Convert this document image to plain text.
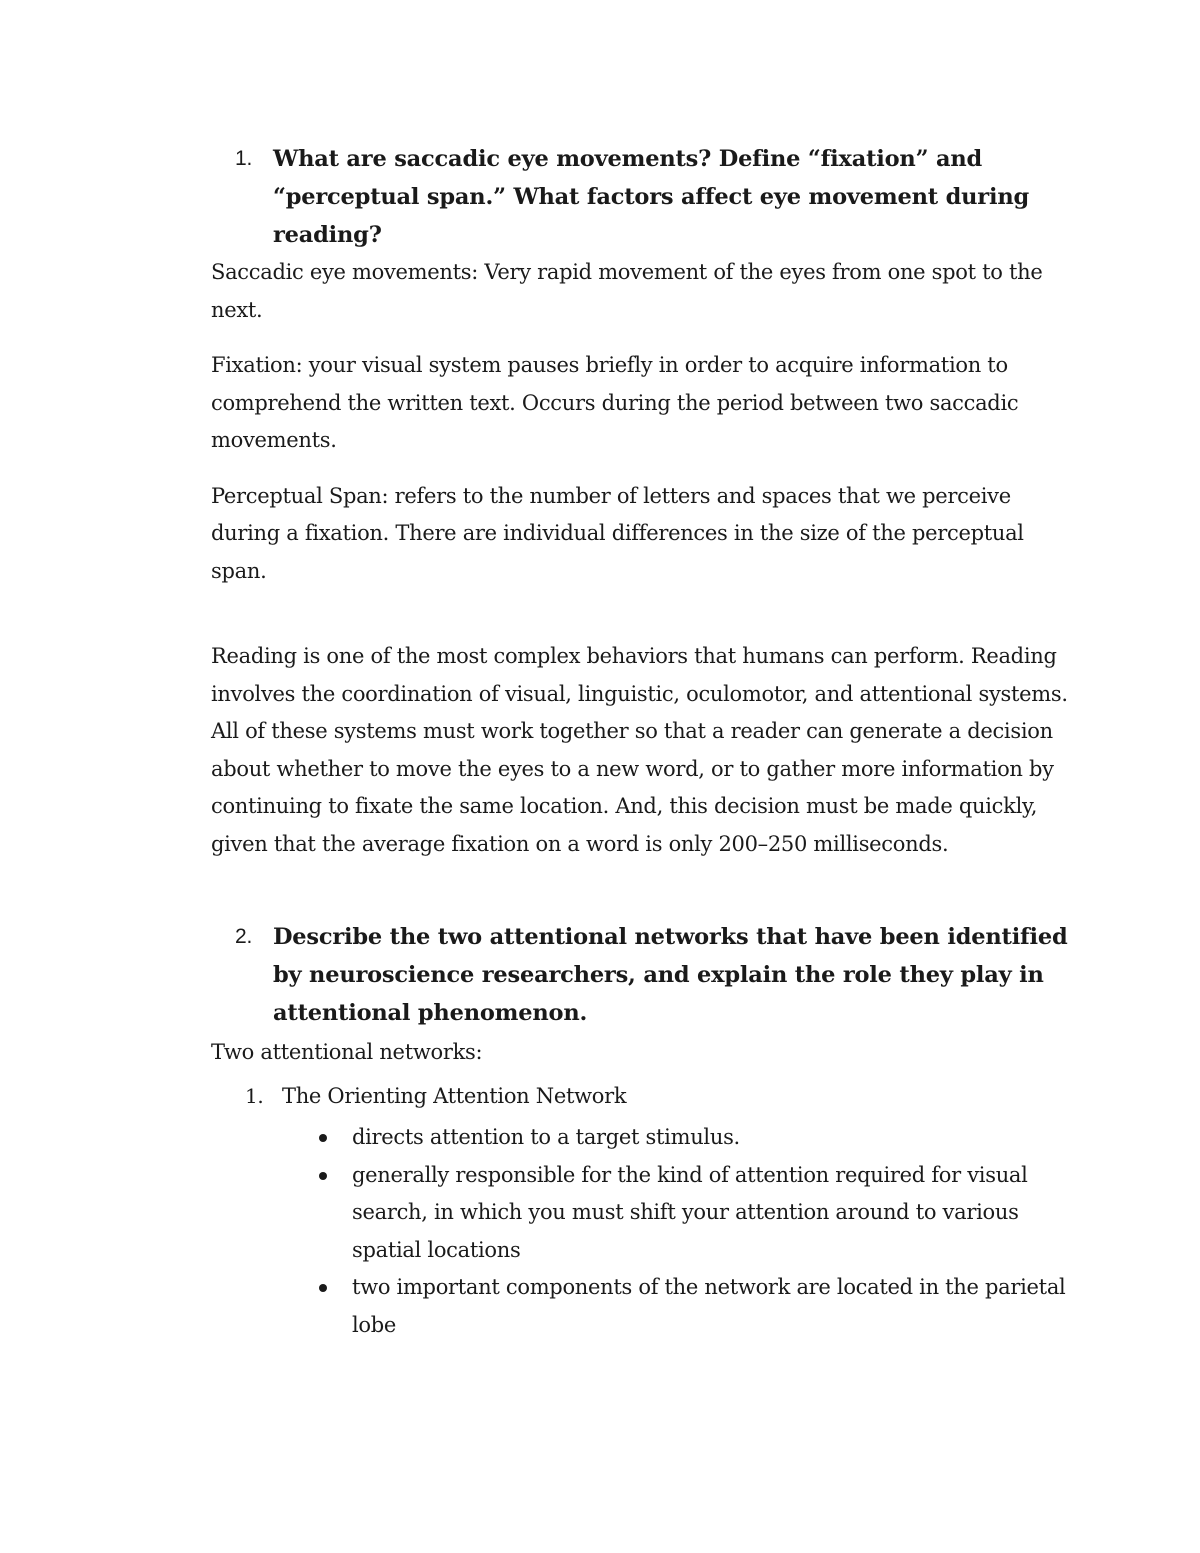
1. What are saccadic eye movements? Define “fixation” and “perceptual span.” What factors affect eye movement during reading?

Saccadic eye movements: Very rapid movement of the eyes from one spot to the next.

Fixation: your visual system pauses briefly in order to acquire information to comprehend the written text. Occurs during the period between two saccadic movements.

Perceptual Span: refers to the number of letters and spaces that we perceive during a fixation. There are individual differences in the size of the perceptual span.

Reading is one of the most complex behaviors that humans can perform. Reading involves the coordination of visual, linguistic, oculomotor, and attentional systems. All of these systems must work together so that a reader can generate a decision about whether to move the eyes to a new word, or to gather more information by continuing to fixate the same location. And, this decision must be made quickly, given that the average fixation on a word is only 200–250 milliseconds.

2. Describe the two attentional networks that have been identified by neuroscience researchers, and explain the role they play in attentional phenomenon.

Two attentional networks:

1. The Orienting Attention Network
directs attention to a target stimulus.
generally responsible for the kind of attention required for visual search, in which you must shift your attention around to various spatial locations
two important components of the network are located in the parietal lobe
